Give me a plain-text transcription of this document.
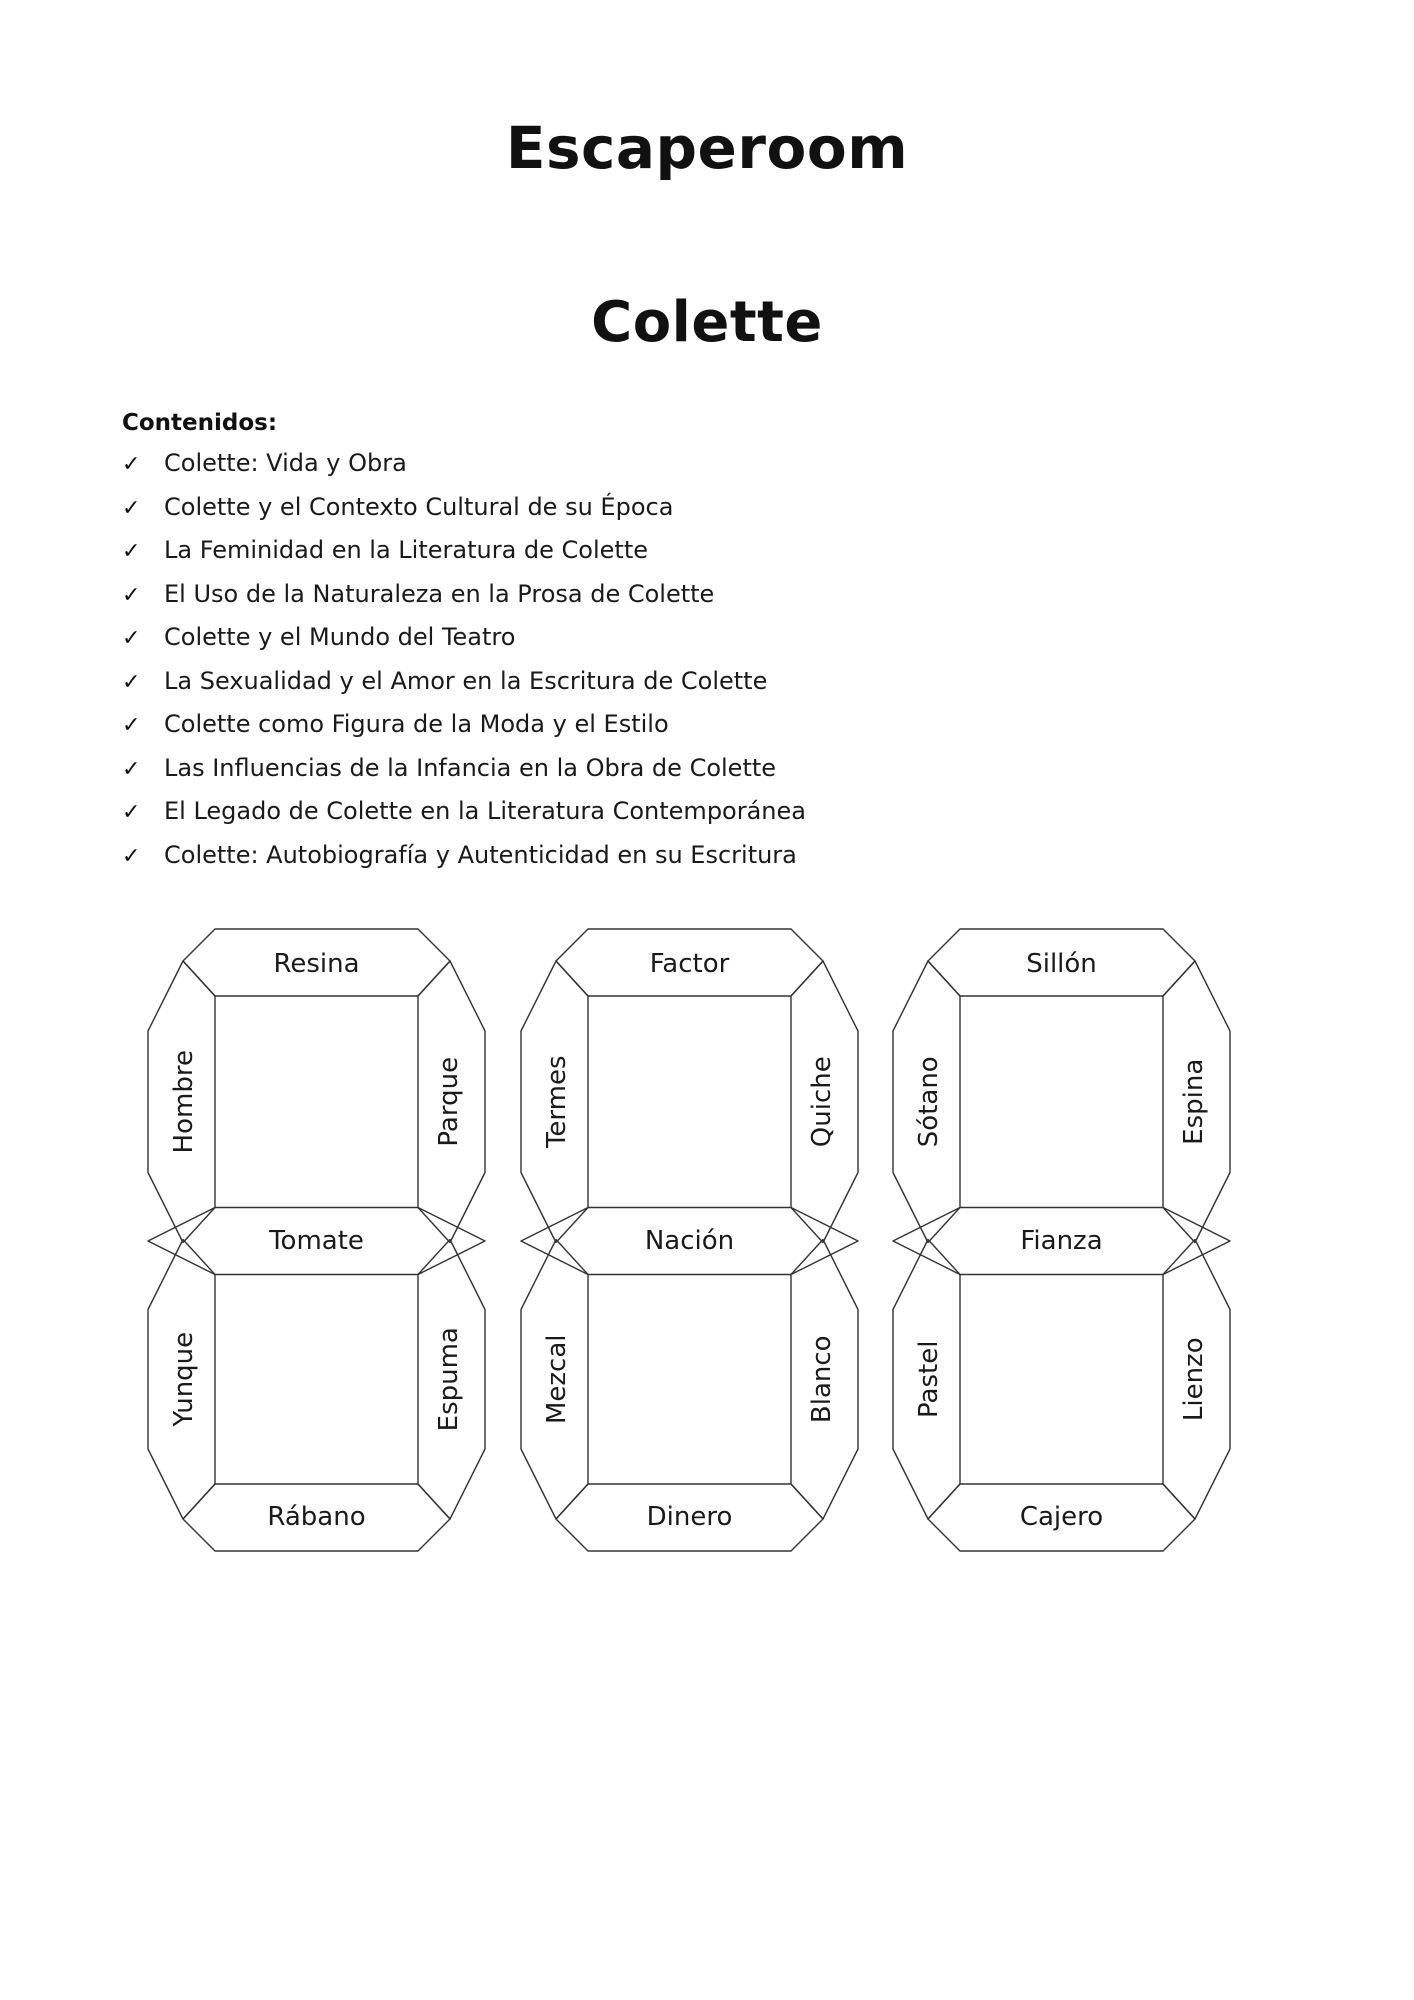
Escaperoom
Colette
Contenidos:
✓ Colette: Vida y Obra
✓ Colette y el Contexto Cultural de su Época
✓ La Feminidad en la Literatura de Colette
✓ El Uso de la Naturaleza en la Prosa de Colette
✓ Colette y el Mundo del Teatro
✓ La Sexualidad y el Amor en la Escritura de Colette
✓ Colette como Figura de la Moda y el Estilo
✓ Las Influencias de la Infancia en la Obra de Colette
✓ El Legado de Colette en la Literatura Contemporánea
✓ Colette: Autobiografía y Autenticidad en su Escritura
Resina
Tomate
Rábano
Hombre	Parque
Yunque	Espuma
Factor
Nación
Dinero
Termes	Quiche
Mezcal	Blanco
Sillón
Fianza
Cajero
Sótano	Espina
Pastel	Lienzo
